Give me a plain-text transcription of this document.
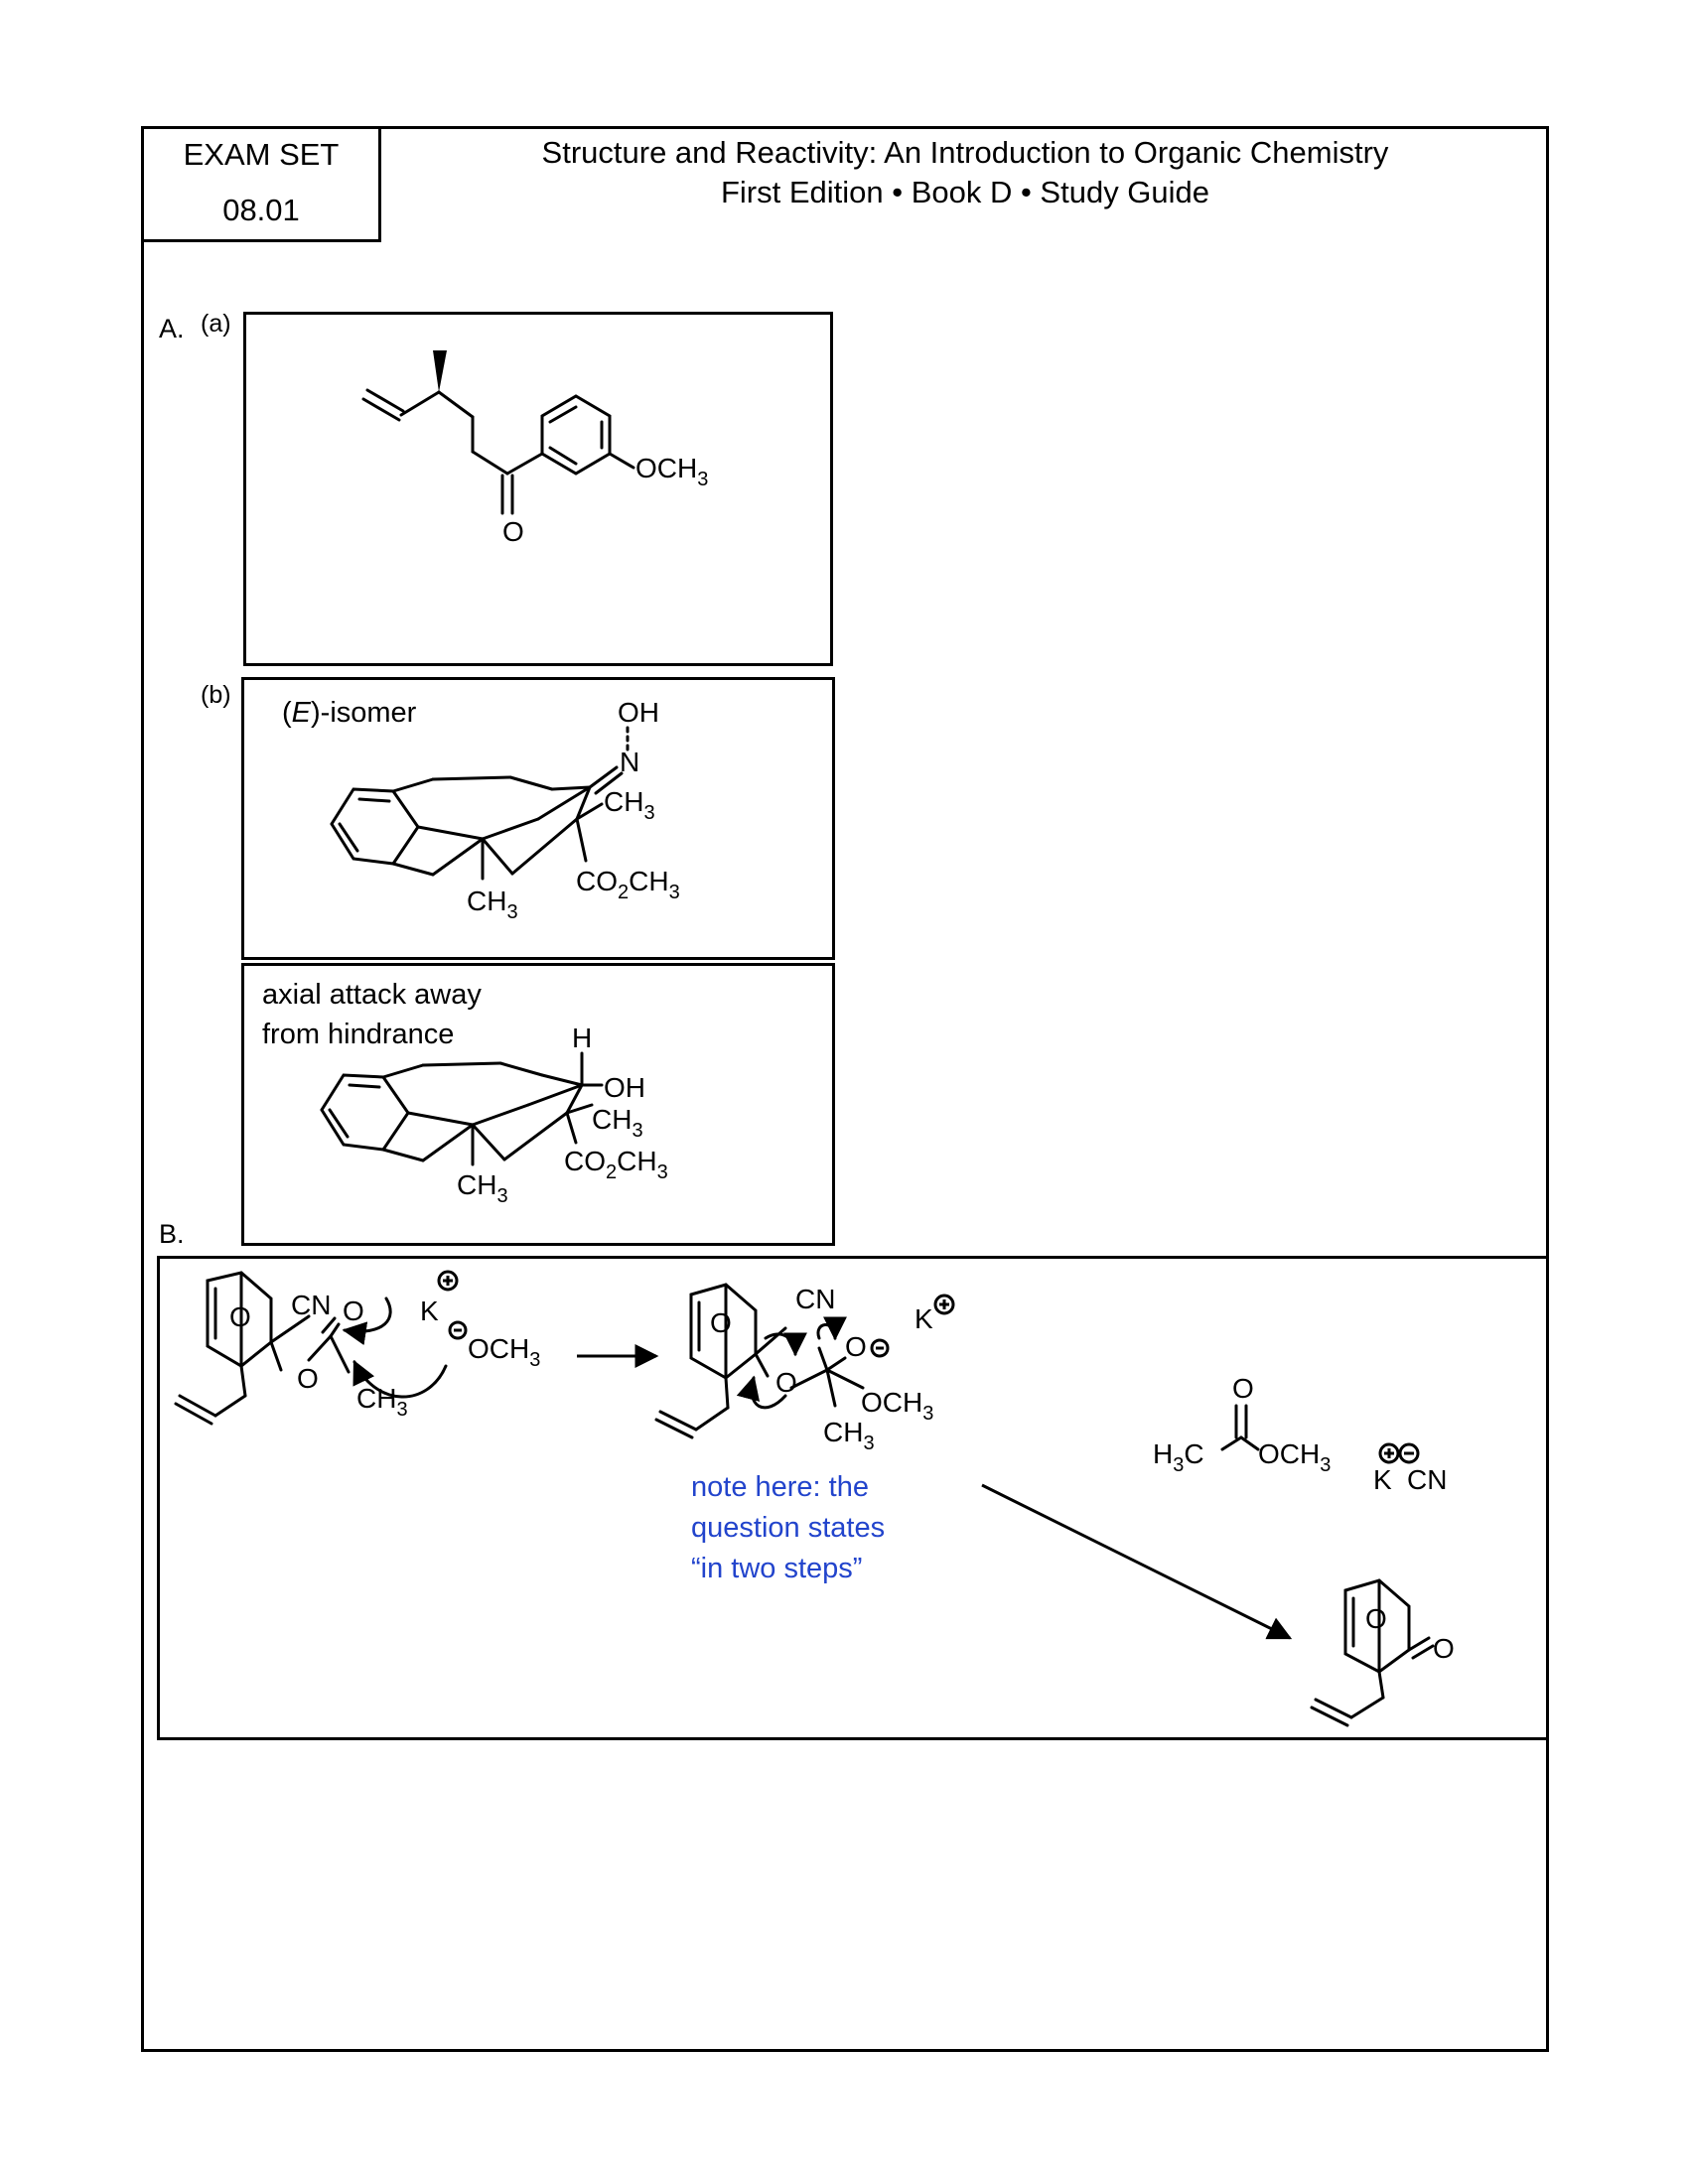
EXAM SET
08.01
Structure and Reactivity: An Introduction to Organic Chemistry
First Edition • Book D • Study Guide
A. (a)
(b)
O
$OCH_3$
(E)-isomer	OH
N
$CH_3$
$CO_2CH_3$
$CH_3$
axial attack away
from hindrance	H
OH
$CH_3$
$CO_2CH_3$
$CH_3$
B.
O CN O
O
$CH_3$
K
$OCH_3$
O
CN
O
O
K
$OCH_3$
$CH_3$
O
$H_3C$ $OCH_3$ K CN
O
O
note here: the
question states
“in two steps”
